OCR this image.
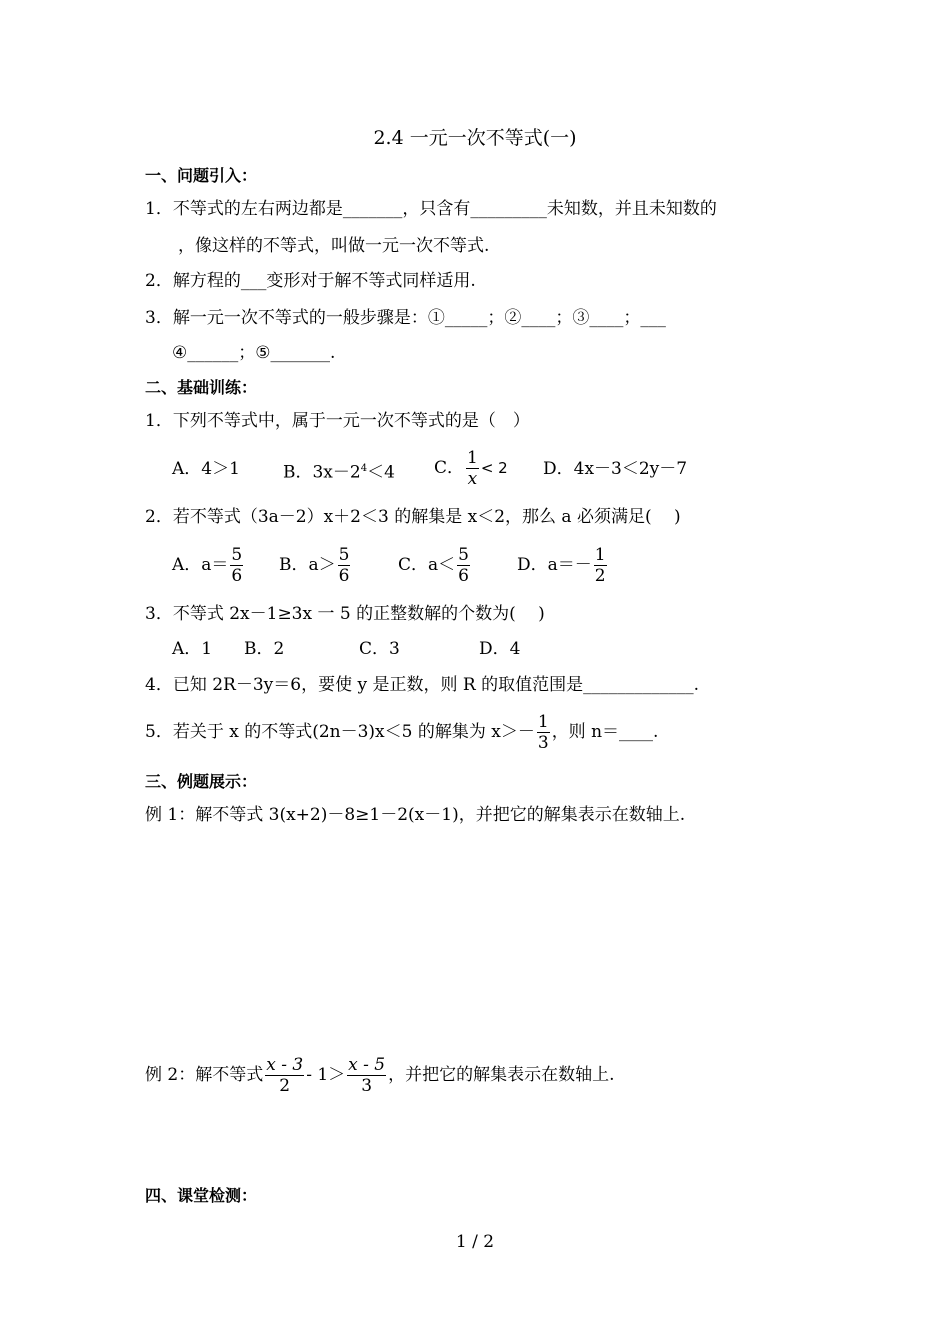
2.4 一元一次不等式(一)
一、问题引入：
1．不等式的左右两边都是_______，只含有_________未知数，并且未知数的
，像这样的不等式，叫做一元一次不等式.
2．解方程的___变形对于解不等式同样适用.
3．解一元一次不等式的一般步骤是：①_____；②____；③____；___
④______；⑤_______.
二、基础训练：
1．下列不等式中，属于一元一次不等式的是（　）
A．4＞1	B．$3x-2^4<4$ C． $\frac{1}{x} < 2$ D．4x－3＜2y－7
2．若不等式（3a－2）x＋2＜3 的解集是 x＜2，那么 a 必须满足(　 )
A．$a= \frac{5}{6}$ B．$a> \frac{5}{6}$	C．$a< \frac{5}{6}$	D．$a=- \frac{1}{2}$
3．不等式 2x－1≥3x 一 5 的正整数解的个数为(　 )
A．1 B．2	C．3	D．4
4．已知 2R－3y＝6，要使 y 是正数，则 R 的取值范围是_____________.
5．若关于 x 的不等式(2n－3)x＜5 的解集为 $x>- \frac{1}{3}$ ，则 n＝____.
三、例题展示：
例 1：解不等式 3(x+2)－8≥1－2(x－1)，并把它的解集表示在数轴上.
例 2：解不等式 $\frac{x - 3}{2} - 1> \frac{x - 5}{3}$ ，并把它的解集表示在数轴上.
四、课堂检测：
1 / 2
